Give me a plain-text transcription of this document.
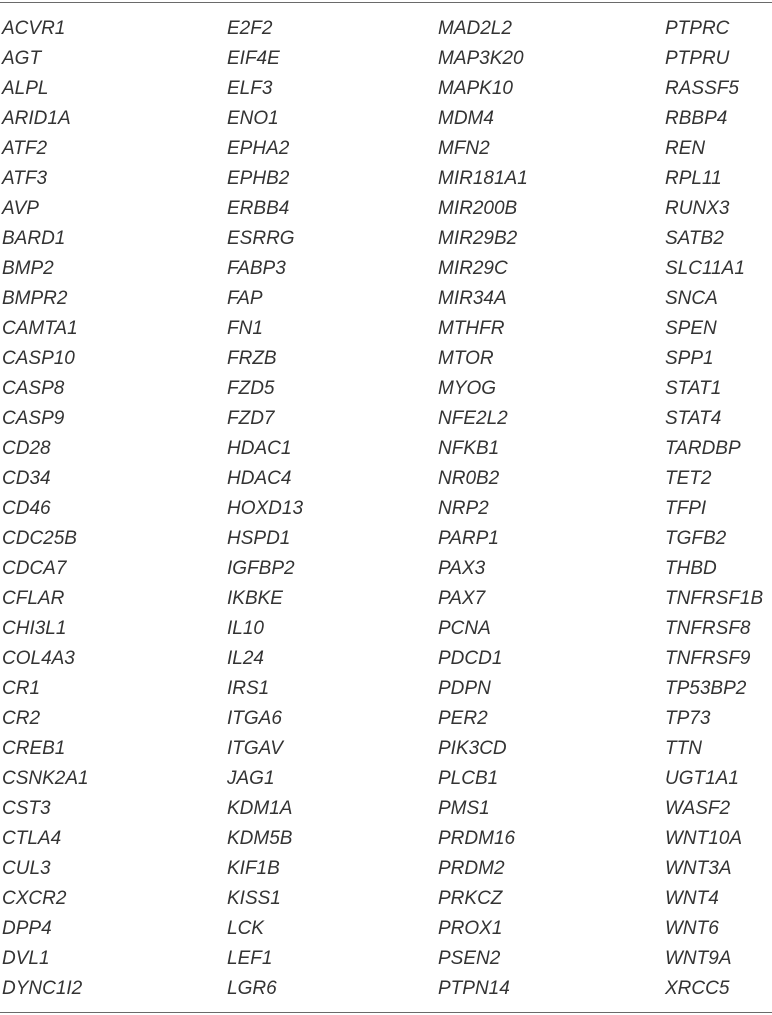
ACVR1
AGT
ALPL
ARID1A
ATF2
ATF3
AVP
BARD1
BMP2
BMPR2
CAMTA1
CASP10
CASP8
CASP9
CD28
CD34
CD46
CDC25B
CDCA7
CFLAR
CHI3L1
COL4A3
CR1
CR2
CREB1
CSNK2A1
CST3
CTLA4
CUL3
CXCR2
DPP4
DVL1
DYNC1I2
E2F2
EIF4E
ELF3
ENO1
EPHA2
EPHB2
ERBB4
ESRRG
FABP3
FAP
FN1
FRZB
FZD5
FZD7
HDAC1
HDAC4
HOXD13
HSPD1
IGFBP2
IKBKE
IL10
IL24
IRS1
ITGA6
ITGAV
JAG1
KDM1A
KDM5B
KIF1B
KISS1
LCK
LEF1
LGR6
MAD2L2
MAP3K20
MAPK10
MDM4
MFN2
MIR181A1
MIR200B
MIR29B2
MIR29C
MIR34A
MTHFR
MTOR
MYOG
NFE2L2
NFKB1
NR0B2
NRP2
PARP1
PAX3
PAX7
PCNA
PDCD1
PDPN
PER2
PIK3CD
PLCB1
PMS1
PRDM16
PRDM2
PRKCZ
PROX1
PSEN2
PTPN14
PTPRC
PTPRU
RASSF5
RBBP4
REN
RPL11
RUNX3
SATB2
SLC11A1
SNCA
SPEN
SPP1
STAT1
STAT4
TARDBP
TET2
TFPI
TGFB2
THBD
TNFRSF1B
TNFRSF8
TNFRSF9
TP53BP2
TP73
TTN
UGT1A1
WASF2
WNT10A
WNT3A
WNT4
WNT6
WNT9A
XRCC5
